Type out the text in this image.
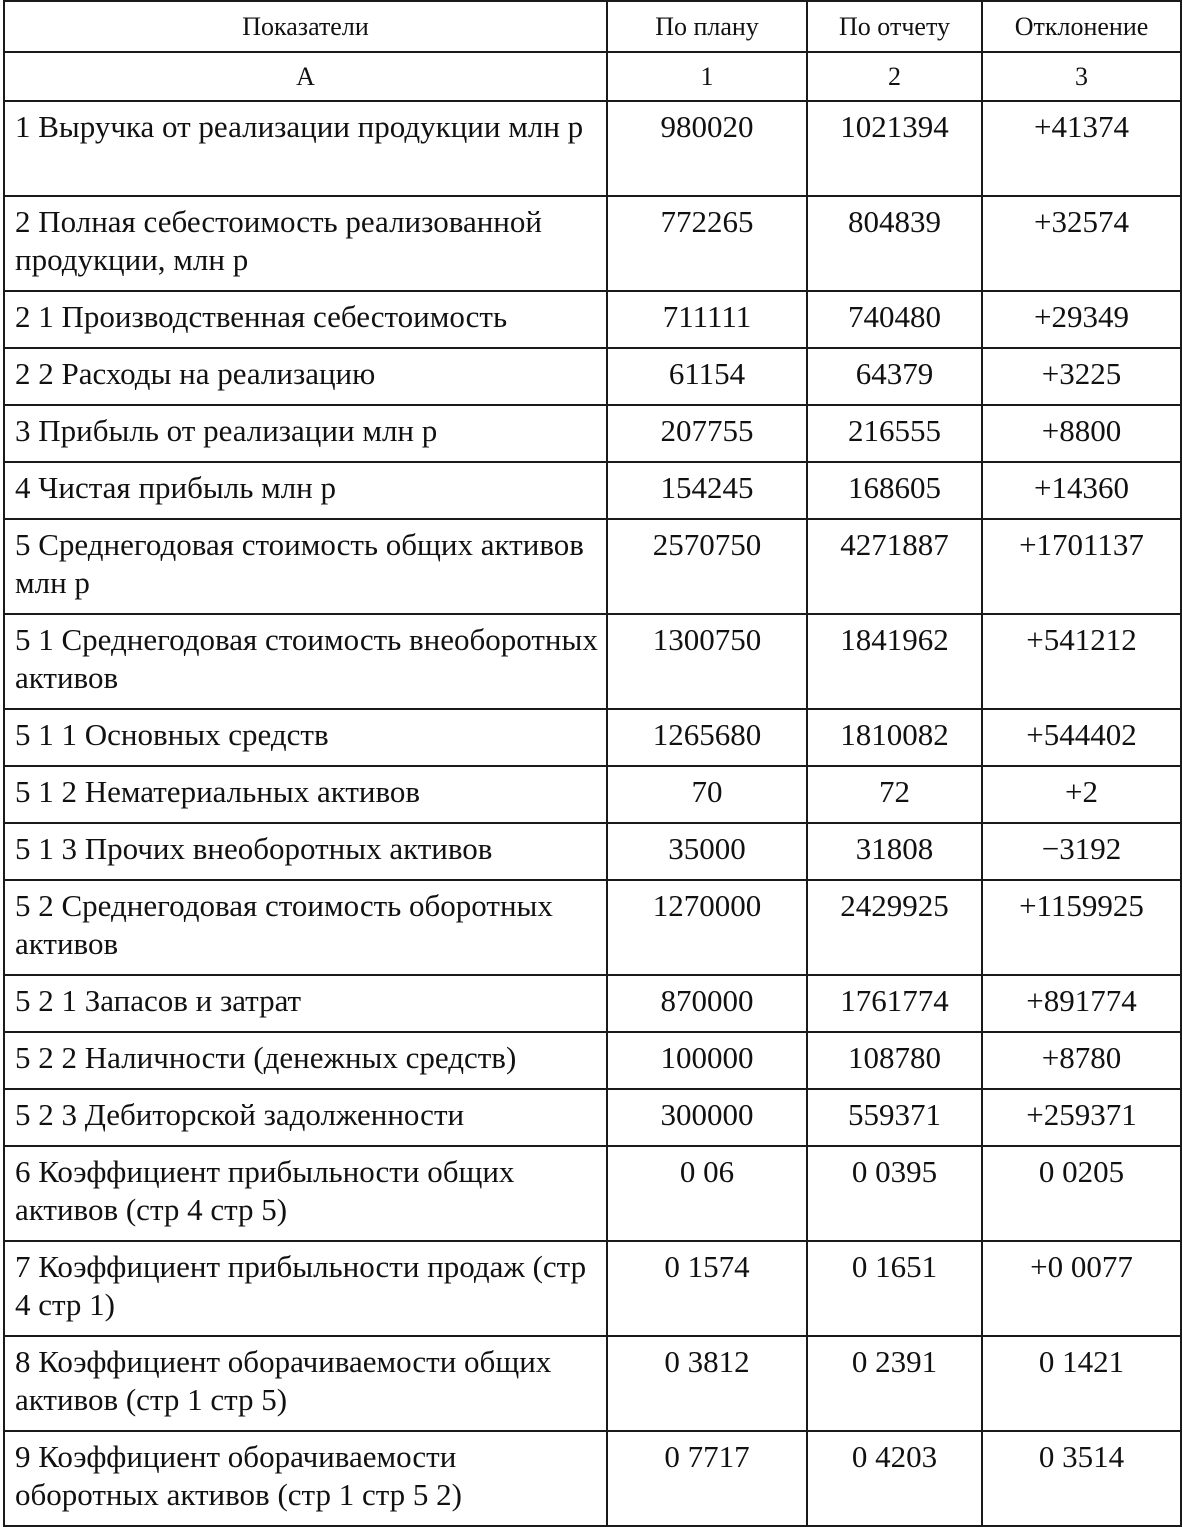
Показатели	По плану	По отчету	Отклонение
А	1	2	3
1 Выручка от реализации продукции млн р	980020	1021394	+41374
2 Полная себестоимость реализованной продукции, млн р	772265	804839	+32574
2 1 Производственная себестоимость	711111	740480	+29349
2 2 Расходы на реализацию	61154	64379	+3225
3 Прибыль от реализации млн р	207755	216555	+8800
4 Чистая прибыль млн р	154245	168605	+14360
5 Среднегодовая стоимость общих активов млн р	2570750	4271887	+1701137
5 1 Среднегодовая стоимость внеоборотных активов	1300750	1841962	+541212
5 1 1 Основных средств	1265680	1810082	+544402
5 1 2 Нематериальных активов	70	72	+2
5 1 3 Прочих внеоборотных активов	35000	31808	−3192
5 2 Среднегодовая стоимость оборотных активов	1270000	2429925	+1159925
5 2 1 Запасов и затрат	870000	1761774	+891774
5 2 2 Наличности (денежных средств)	100000	108780	+8780
5 2 3 Дебиторской задолженности	300000	559371	+259371
6 Коэффициент прибыльности общих активов (стр 4 стр 5)	0 06	0 0395	0 0205
7 Коэффициент прибыльности продаж (стр 4 стр 1)	0 1574	0 1651	+0 0077
8 Коэффициент оборачиваемости общих активов (стр 1 стр 5)	0 3812	0 2391	0 1421
9 Коэффициент оборачиваемости оборотных активов (стр 1 стр 5 2)	0 7717	0 4203	0 3514
